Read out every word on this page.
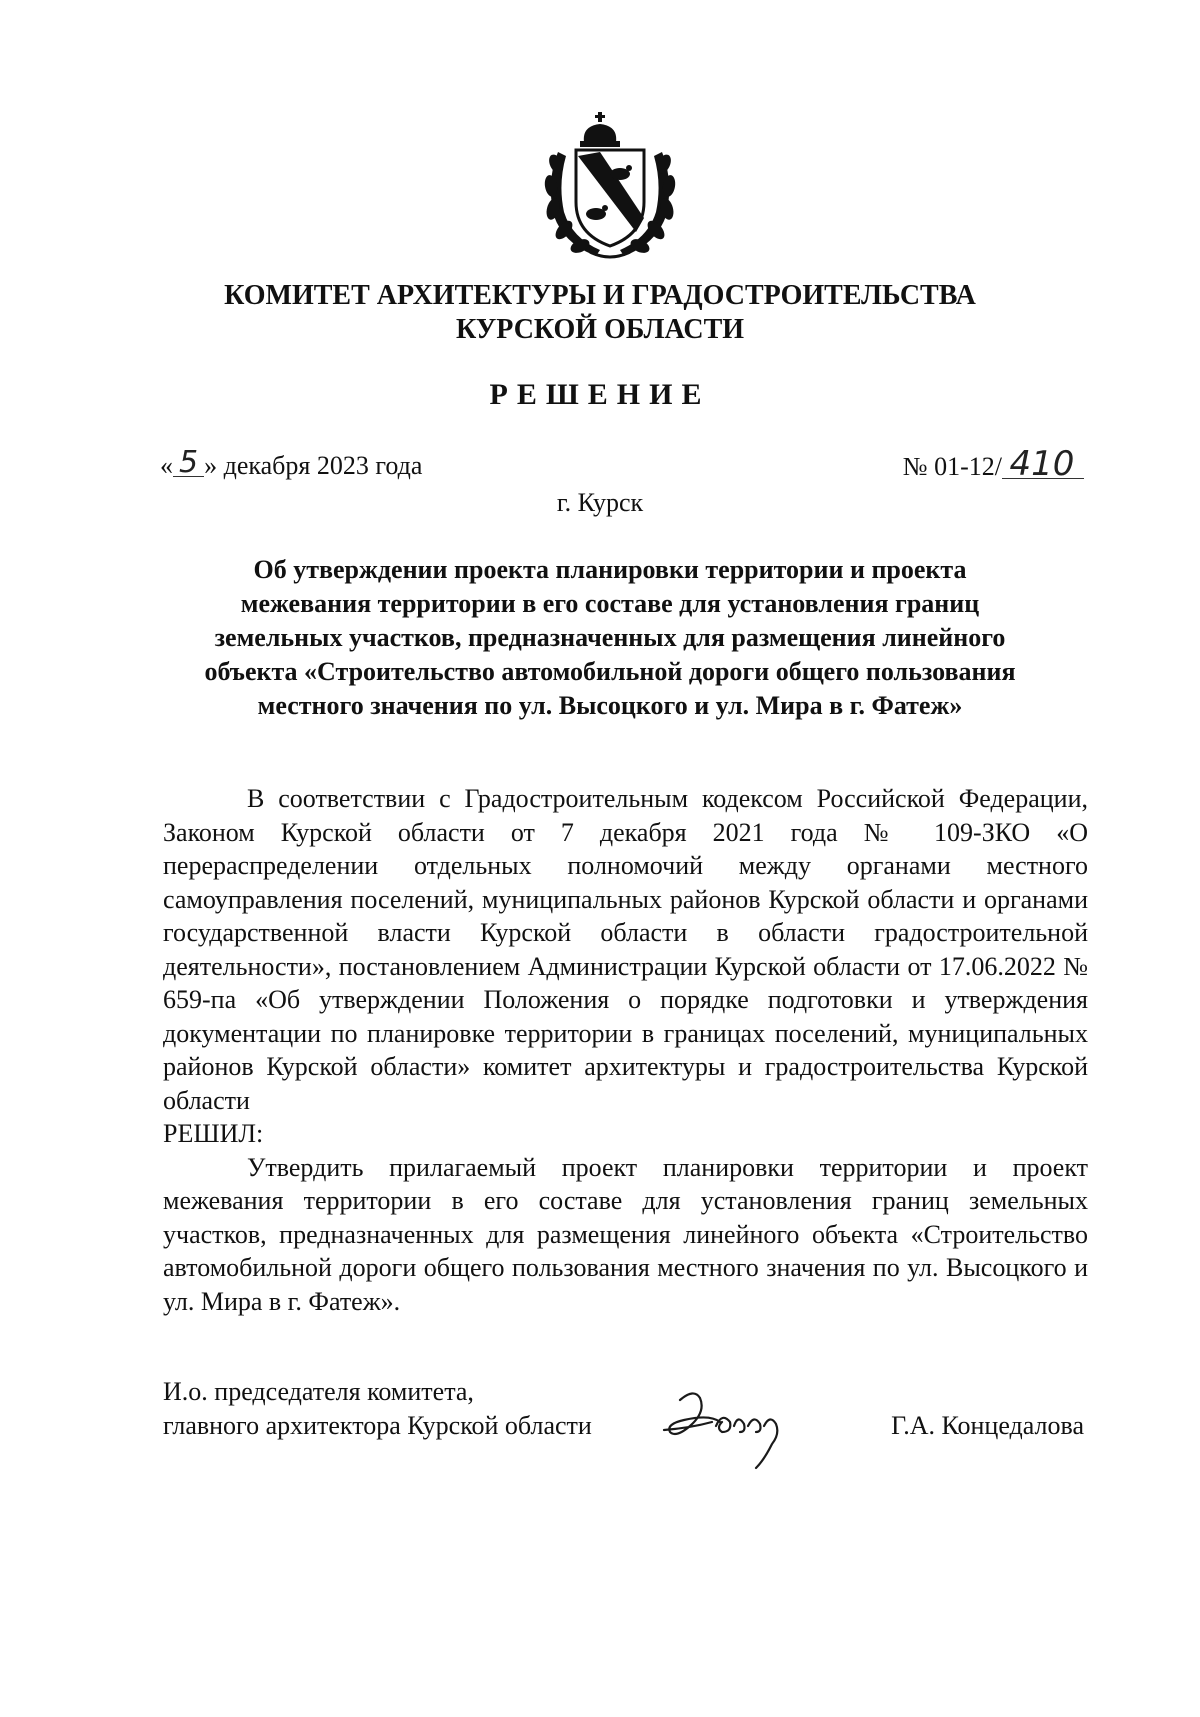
КОМИТЕТ АРХИТЕКТУРЫ И ГРАДОСТРОИТЕЛЬСТВА
КУРСКОЙ ОБЛАСТИ
РЕШЕНИЕ
« 5 » декабря 2023 года	№ 01-12/ 410
г. Курск
Об утверждении проекта планировки территории и проекта
межевания территории в его составе для установления границ
земельных участков, предназначенных для размещения линейного
объекта «Строительство автомобильной дороги общего пользования
местного значения по ул. Высоцкого и ул. Мира в г. Фатеж»

В соответствии с Градостроительным кодексом Российской Федерации, Законом Курской области от 7 декабря 2021 года № 109-ЗКО «О перераспределении отдельных полномочий между органами местного самоуправления поселений, муниципальных районов Курской области и органами государственной власти Курской области в области градостроительной деятельности», постановлением Администрации Курской области от 17.06.2022 № 659-па «Об утверждении Положения о порядке подготовки и утверждения документации по планировке территории в границах поселений, муниципальных районов Курской области» комитет архитектуры и градостроительства Курской области

РЕШИЛ:

Утвердить прилагаемый проект планировки территории и проект межевания территории в его составе для установления границ земельных участков, предназначенных для размещения линейного объекта «Строительство автомобильной дороги общего пользования местного значения по ул. Высоцкого и ул. Мира в г. Фатеж».

И.о. председателя комитета,
главного архитектора Курской области	Г.А. Концедалова
